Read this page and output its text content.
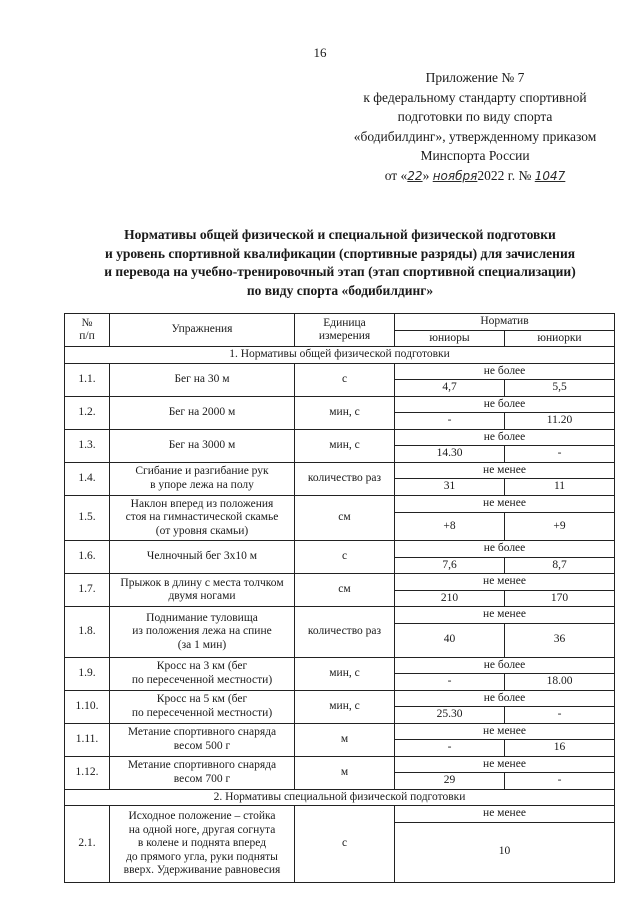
16
Приложение № 7
к федеральному стандарту спортивной
подготовки по виду спорта
«бодибилдинг», утвержденному приказом
Минспорта России
от «22» ноября2022 г. № 1047
Нормативы общей физической и специальной физической подготовки
и уровень спортивной квалификации (спортивные разряды) для зачисления
и перевода на учебно-тренировочный этап (этап спортивной специализации)
по виду спорта «бодибилдинг»
№
п/п	Упражнения	Единица
измерения	Норматив	
			юниоры	юниорки
1. Нормативы общей физической подготовки				
1.1.	Бег на 30 м	с	не более	
			4,7	5,5
1.2.	Бег на 2000 м	мин, с	не более	
			-	11.20
1.3.	Бег на 3000 м	мин, с	не более	
			14.30	-
1.4.	Сгибание и разгибание рук
в упоре лежа на полу	количество раз	не менее	
			31	11
1.5.	Наклон вперед из положения
стоя на гимнастической скамье
(от уровня скамьи)	см	не менее	
			+8	+9
1.6.	Челночный бег 3x10 м	с	не более	
			7,6	8,7
1.7.	Прыжок в длину с места толчком
двумя ногами	см	не менее	
			210	170
1.8.	Поднимание туловища
из положения лежа на спине
(за 1 мин)	количество раз	не менее	
			40	36
1.9.	Кросс на 3 км (бег
по пересеченной местности)	мин, с	не более	
			-	18.00
1.10.	Кросс на 5 км (бег
по пересеченной местности)	мин, с	не более	
			25.30	-
1.11.	Метание спортивного снаряда
весом 500 г	м	не менее	
			-	16
1.12.	Метание спортивного снаряда
весом 700 г	м	не менее	
			29	-
2. Нормативы специальной физической подготовки				
2.1.	Исходное положение – стойка
на одной ноге, другая согнута
в колене и поднята вперед
до прямого угла, руки подняты
вверх. Удерживание равновесия	с	не менее	
			10	
